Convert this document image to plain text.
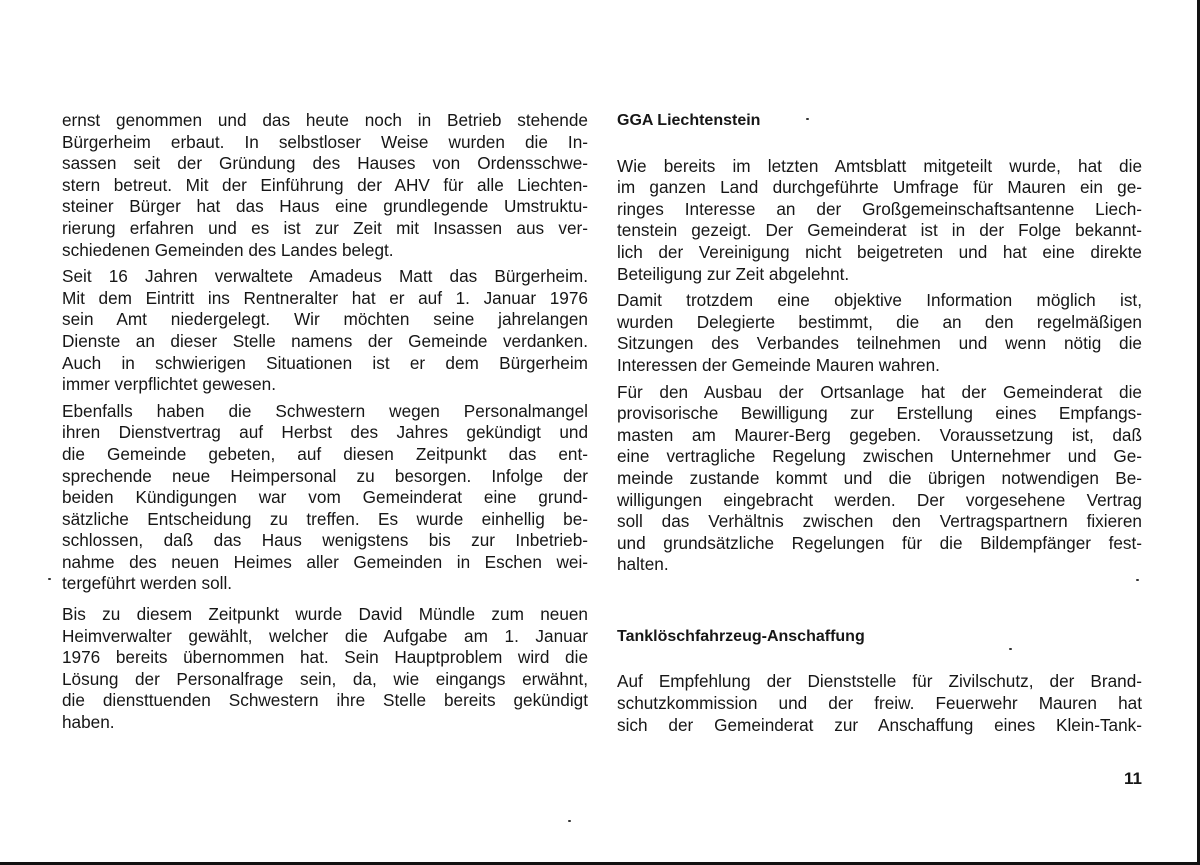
ernst genommen und das heute noch in Betrieb stehende
Bürgerheim erbaut. In selbstloser Weise wurden die In-
sassen seit der Gründung des Hauses von Ordensschwe-
stern betreut. Mit der Einführung der AHV für alle Liechten-
steiner Bürger hat das Haus eine grundlegende Umstruktu-
rierung erfahren und es ist zur Zeit mit Insassen aus ver-
schiedenen Gemeinden des Landes belegt.

Seit 16 Jahren verwaltete Amadeus Matt das Bürgerheim.
Mit dem Eintritt ins Rentneralter hat er auf 1. Januar 1976
sein Amt niedergelegt. Wir möchten seine jahrelangen
Dienste an dieser Stelle namens der Gemeinde verdanken.
Auch in schwierigen Situationen ist er dem Bürgerheim
immer verpflichtet gewesen.

Ebenfalls haben die Schwestern wegen Personalmangel
ihren Dienstvertrag auf Herbst des Jahres gekündigt und
die Gemeinde gebeten, auf diesen Zeitpunkt das ent-
sprechende neue Heimpersonal zu besorgen. Infolge der
beiden Kündigungen war vom Gemeinderat eine grund-
sätzliche Entscheidung zu treffen. Es wurde einhellig be-
schlossen, daß das Haus wenigstens bis zur Inbetrieb-
nahme des neuen Heimes aller Gemeinden in Eschen wei-
tergeführt werden soll.

Bis zu diesem Zeitpunkt wurde David Mündle zum neuen
Heimverwalter gewählt, welcher die Aufgabe am 1. Januar
1976 bereits übernommen hat. Sein Hauptproblem wird die
Lösung der Personalfrage sein, da, wie eingangs erwähnt,
die diensttuenden Schwestern ihre Stelle bereits gekündigt
haben.

GGA Liechtenstein

Wie bereits im letzten Amtsblatt mitgeteilt wurde, hat die
im ganzen Land durchgeführte Umfrage für Mauren ein ge-
ringes Interesse an der Großgemeinschaftsantenne Liech-
tenstein gezeigt. Der Gemeinderat ist in der Folge bekannt-
lich der Vereinigung nicht beigetreten und hat eine direkte
Beteiligung zur Zeit abgelehnt.

Damit trotzdem eine objektive Information möglich ist,
wurden Delegierte bestimmt, die an den regelmäßigen
Sitzungen des Verbandes teilnehmen und wenn nötig die
Interessen der Gemeinde Mauren wahren.

Für den Ausbau der Ortsanlage hat der Gemeinderat die
provisorische Bewilligung zur Erstellung eines Empfangs-
masten am Maurer-Berg gegeben. Voraussetzung ist, daß
eine vertragliche Regelung zwischen Unternehmer und Ge-
meinde zustande kommt und die übrigen notwendigen Be-
willigungen eingebracht werden. Der vorgesehene Vertrag
soll das Verhältnis zwischen den Vertragspartnern fixieren
und grundsätzliche Regelungen für die Bildempfänger fest-
halten.

Tanklöschfahrzeug-Anschaffung

Auf Empfehlung der Dienststelle für Zivilschutz, der Brand-
schutzkommission und der freiw. Feuerwehr Mauren hat
sich der Gemeinderat zur Anschaffung eines Klein-Tank-

11
